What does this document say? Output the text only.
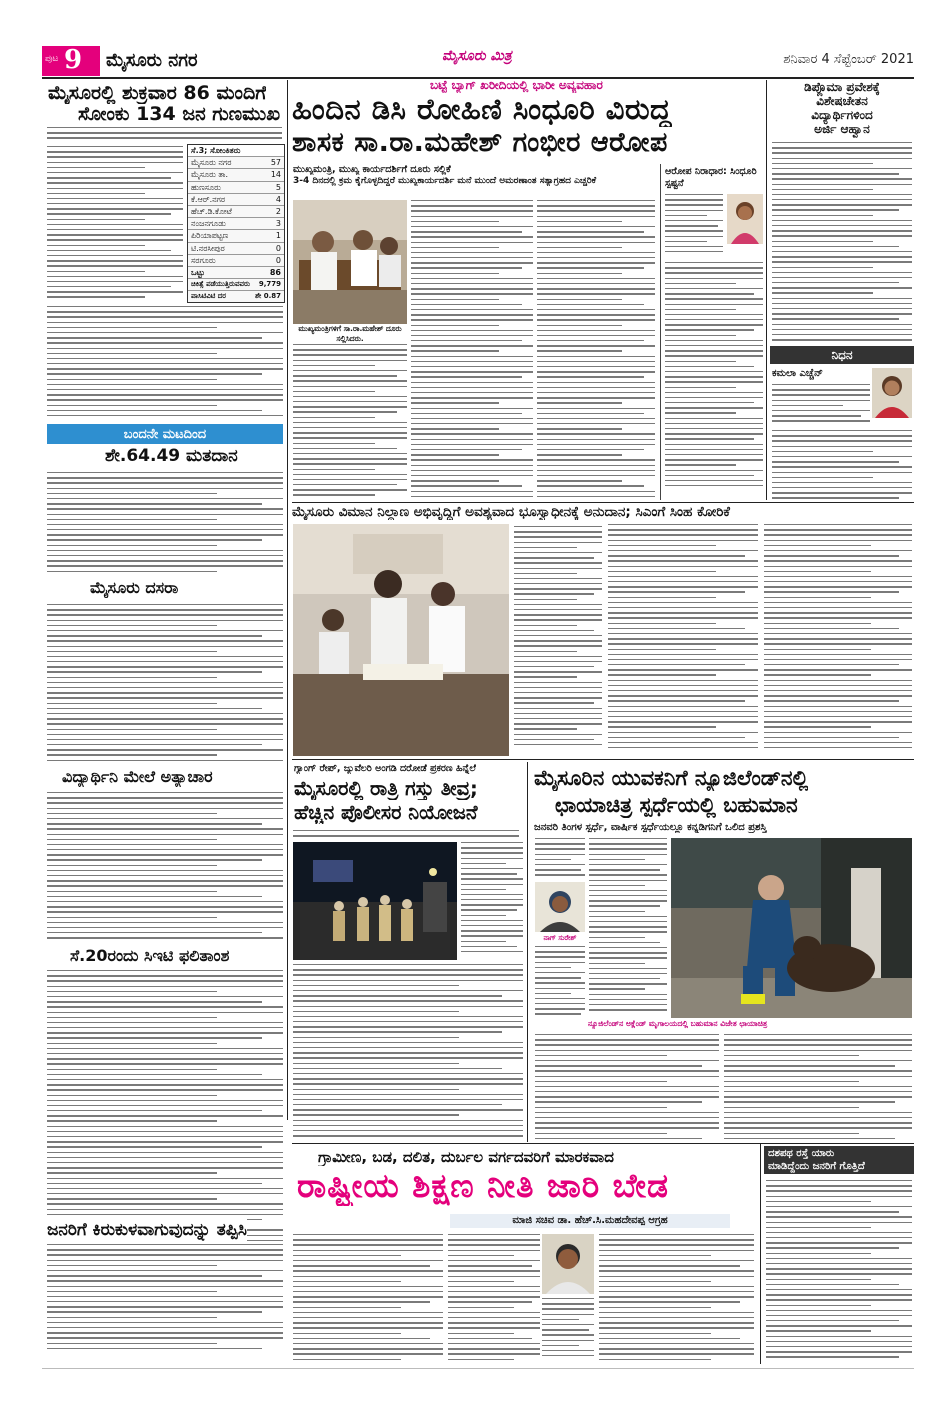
ಪುಟ 9 ಮೈಸೂರು ನಗರ	ಮೈಸೂರು ಮಿತ್ರ	ಶನಿವಾರ 4 ಸೆಪ್ಟೆಂಬರ್ 2021
ಮೈಸೂರಲ್ಲಿ ಶುಕ್ರವಾರ 86 ಮಂದಿಗೆ
ಸೋಂಕು 134 ಜನ ಗುಣಮುಖ
ಸೆ.3; ಸೋಂಕಿತರು
ಮೈಸೂರು ನಗರ	57
ಮೈಸೂರು ತಾ.	14
ಹುಣಸೂರು	5
ಕೆ.ಆರ್.ನಗರ	4
ಹೆಚ್.ಡಿ.ಕೋಟೆ	2
ನಂಜನಗೂಡು	3
ಪಿರಿಯಾಪಟ್ಟಣ	1
ಟಿ.ನರಸೀಪುರ	0
ಸರಗೂರು	0
ಒಟ್ಟು	86
ಚಿಕಿತ್ಸೆ ಪಡೆಯುತ್ತಿರುವವರು 9,779
ಪಾಸಿಟಿವಿಟಿ ದರ	ಶೇ 0.87
ಬಂದನೇ ಮಟದಿಂದ
ಶೇ.64.49 ಮತದಾನ
ಮೈಸೂರು ದಸರಾ
ವಿದ್ಯಾರ್ಥಿನಿ ಮೇಲೆ ಅತ್ಯಾಚಾರ
ಸೆ.20ರಂದು ಸಿಇಟಿ ಫಲಿತಾಂಶ
ಜನರಿಗೆ ಕಿರುಕುಳವಾಗುವುದನ್ನು ತಪ್ಪಿಸಿ
ಬಟ್ಟೆ ಬ್ಯಾಗ್ ಖರೀದಿಯಲ್ಲಿ ಭಾರೀ ಅವ್ಯವಹಾರ
ಹಿಂದಿನ ಡಿಸಿ ರೋಹಿಣಿ ಸಿಂಧೂರಿ ವಿರುದ್ಧ
ಶಾಸಕ ಸಾ.ರಾ.ಮಹೇಶ್ ಗಂಭೀರ ಆರೋಪ
ಮುಖ್ಯಮಂತ್ರಿ, ಮುಖ್ಯ ಕಾರ್ಯದರ್ಶಿಗೆ ದೂರು ಸಲ್ಲಿಕೆ
3-4 ದಿನದಲ್ಲಿ ಕ್ರಮ ಕೈಗೊಳ್ಳದಿದ್ದರೆ ಮುಖ್ಯಕಾರ್ಯದರ್ಶಿ ಮನೆ ಮುಂದೆ ಅಮರಣಾಂತ ಸತ್ಯಾಗ್ರಹದ ಎಚ್ಚರಿಕೆ
ಮುಖ್ಯಮಂತ್ರಿಗಳಿಗೆ ಸಾ.ರಾ.ಮಹೇಶ್ ದೂರು ಸಲ್ಲಿಸಿದರು.
ಆರೋಪ ನಿರಾಧಾರ: ಸಿಂಧೂರಿ ಸ್ಪಷ್ಟನೆ
ಡಿಪ್ಲೊಮಾ ಪ್ರವೇಶಕ್ಕೆ
ವಿಶೇಷಚೇತನ
ವಿದ್ಯಾರ್ಥಿಗಳಿಂದ
ಅರ್ಜಿ ಆಹ್ವಾನ
ನಿಧನ
ಕಮಲಾ ಎಚ್ಚೆನ್
ಮೈಸೂರು ವಿಮಾನ ನಿಲ್ದಾಣ ಅಭಿವೃದ್ಧಿಗೆ ಅವಶ್ಯವಾದ ಭೂಸ್ವಾಧೀನಕ್ಕೆ ಅನುದಾನ; ಸಿಎಂಗೆ ಸಿಂಹ ಕೋರಿಕೆ
ಗ್ಯಾಂಗ್ ರೇಪ್, ಜ್ಯುವೆಲರಿ ಅಂಗಡಿ ದರೋಡೆ ಪ್ರಕರಣ ಹಿನ್ನೆಲೆ
ಮೈಸೂರಲ್ಲಿ ರಾತ್ರಿ ಗಸ್ತು ತೀವ್ರ;
ಹೆಚ್ಚಿನ ಪೊಲೀಸರ ನಿಯೋಜನೆ
ಮೈಸೂರಿನ ಯುವಕನಿಗೆ ನ್ಯೂಜಿಲೆಂಡ್‌ನಲ್ಲಿ
ಛಾಯಾಚಿತ್ರ ಸ್ಪರ್ಧೆಯಲ್ಲಿ ಬಹುಮಾನ
ಜನವರಿ ತಿಂಗಳ ಸ್ಪರ್ಧೆ, ವಾರ್ಷಿಕ ಸ್ಪರ್ಧೆಯಲ್ಲೂ ಕನ್ನಡಿಗನಿಗೆ ಒಲಿದ ಪ್ರಶಸ್ತಿ
ನಾಗ್ ಸುರೇಶ್
ನ್ಯೂಜಿಲೆಂಡ್‌ನ ಅಕ್ಲೆಂಡ್ ಮೃಗಾಲಯದಲ್ಲಿ ಬಹುಮಾನ ವಿಜೇತ ಛಾಯಾಚಿತ್ರ
ಗ್ರಾಮೀಣ, ಬಡ, ದಲಿತ, ದುರ್ಬಲ ವರ್ಗದವರಿಗೆ ಮಾರಕವಾದ
ರಾಷ್ಟ್ರೀಯ ಶಿಕ್ಷಣ ನೀತಿ ಜಾರಿ ಬೇಡ
ಮಾಜಿ ಸಚಿವ ಡಾ. ಹೆಚ್.ಸಿ.ಮಹದೇವಪ್ಪ ಆಗ್ರಹ
ದಶಪಥ ರಸ್ತೆ ಯಾರು
ಮಾಡಿದ್ದೆಂದು ಜನರಿಗೆ ಗೊತ್ತಿದೆ
